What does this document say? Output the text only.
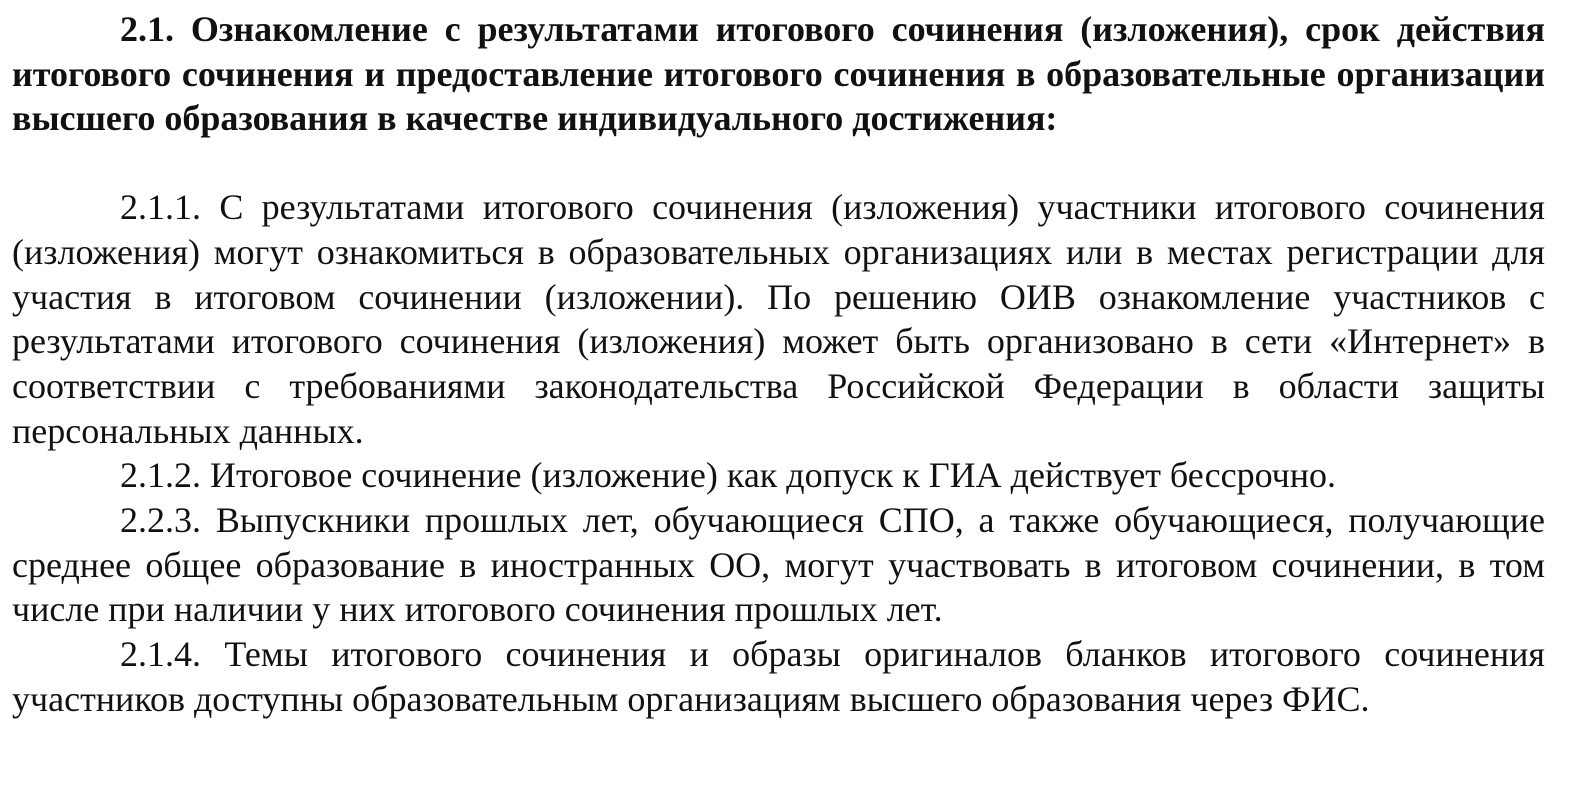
2.1. Ознакомление с результатами итогового сочинения (изложения), срок действия итогового сочинения и предоставление итогового сочинения в образовательные организации высшего образования в качестве индивидуального достижения:

2.1.1. С результатами итогового сочинения (изложения) участники итогового сочинения (изложения) могут ознакомиться в образовательных организациях или в местах регистрации для участия в итоговом сочинении (изложении). По решению ОИВ ознакомление участников с результатами итогового сочинения (изложения) может быть организовано в сети «Интернет» в соответствии с требованиями законодательства Российской Федерации в области защиты персональных данных.

2.1.2. Итоговое сочинение (изложение) как допуск к ГИА действует бессрочно.

2.2.3. Выпускники прошлых лет, обучающиеся СПО, а также обучающиеся, получающие среднее общее образование в иностранных ОО, могут участвовать в итоговом сочинении, в том числе при наличии у них итогового сочинения прошлых лет.

2.1.4. Темы итогового сочинения и образы оригиналов бланков итогового сочинения участников доступны образовательным организациям высшего образования через ФИС.
